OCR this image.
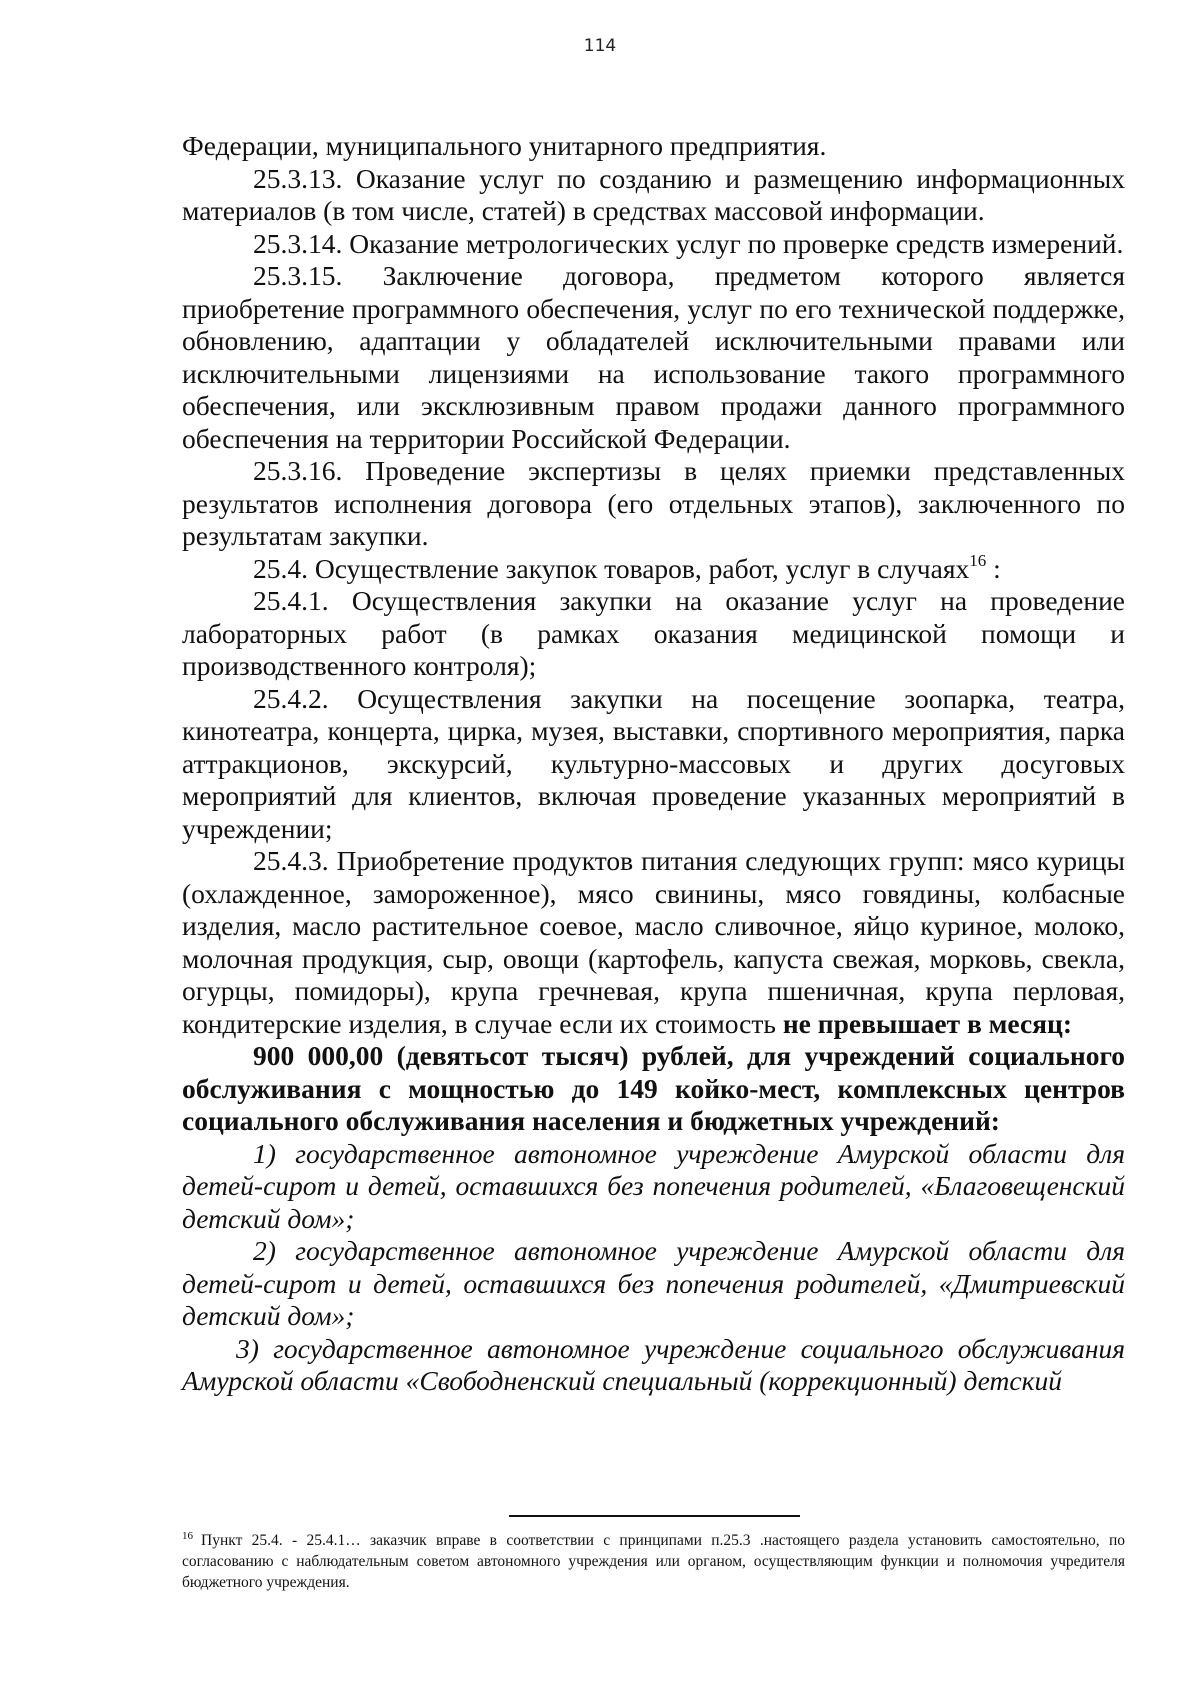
114

Федерации, муниципального унитарного предприятия.

25.3.13. Оказание услуг по созданию и размещению информационных материалов (в том числе, статей) в средствах массовой информации.

25.3.14. Оказание метрологических услуг по проверке средств измерений.

25.3.15. Заключение договора, предметом которого является приобретение программного обеспечения, услуг по его технической поддержке, обновлению, адаптации у обладателей исключительными правами или исключительными лицензиями на использование такого программного обеспечения, или эксклюзивным правом продажи данного программного обеспечения на территории Российской Федерации.

25.3.16. Проведение экспертизы в целях приемки представленных результатов исполнения договора (его отдельных этапов), заключенного по результатам закупки.

25.4. Осуществление закупок товаров, работ, услуг в случаях$^{16}$ :

25.4.1. Осуществления закупки на оказание услуг на проведение лабораторных работ (в рамках оказания медицинской помощи и производственного контроля);

25.4.2. Осуществления закупки на посещение зоопарка, театра, кинотеатра, концерта, цирка, музея, выставки, спортивного мероприятия, парка аттракционов, экскурсий, культурно-массовых и других досуговых мероприятий для клиентов, включая проведение указанных мероприятий в учреждении;

25.4.3. Приобретение продуктов питания следующих групп: мясо курицы (охлажденное, замороженное), мясо свинины, мясо говядины, колбасные изделия, масло растительное соевое, масло сливочное, яйцо куриное, молоко, молочная продукция, сыр, овощи (картофель, капуста свежая, морковь, свекла, огурцы, помидоры), крупа гречневая, крупа пшеничная, крупа перловая, кондитерские изделия, в случае если их стоимость не превышает в месяц:

900 000,00 (девятьсот тысяч) рублей, для учреждений социального обслуживания с мощностью до 149 койко-мест, комплексных центров социального обслуживания населения и бюджетных учреждений:

1) государственное автономное учреждение Амурской области для детей-сирот и детей, оставшихся без попечения родителей, «Благовещенский детский дом»;

2) государственное автономное учреждение Амурской области для детей-сирот и детей, оставшихся без попечения родителей, «Дмитриевский детский дом»;

3) государственное автономное учреждение социального обслуживания Амурской области «Свободненский специальный (коррекционный) детский

$^{16}$ Пункт 25.4. - 25.4.1… заказчик вправе в соответствии с принципами п.25.3 .настоящего раздела установить самостоятельно, по согласованию с наблюдательным советом автономного учреждения или органом, осуществляющим функции и полномочия учредителя бюджетного учреждения.
